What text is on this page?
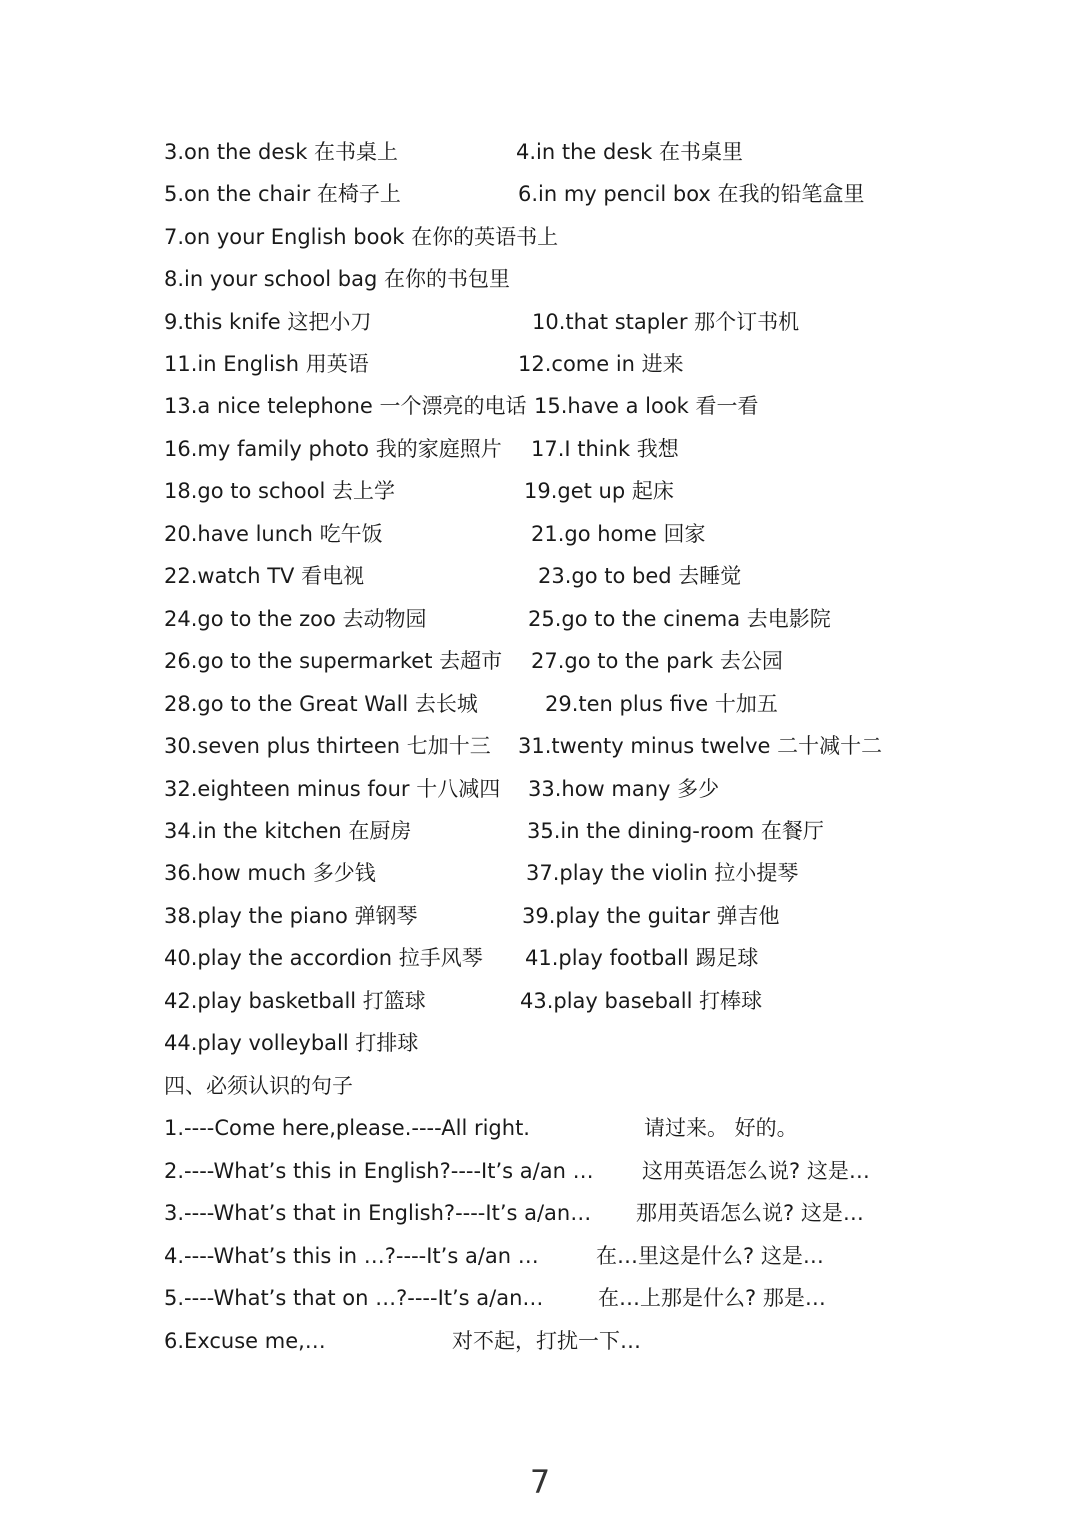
3.on the desk 在书桌上	4.in the desk 在书桌里
5.on the chair 在椅子上	6.in my pencil box 在我的铅笔盒里
7.on your English book 在你的英语书上
8.in your school bag 在你的书包里
9.this knife 这把小刀	10.that stapler 那个订书机
11.in English 用英语	12.come in 进来
13.a nice telephone 一个漂亮的电话 15.have a look 看一看
16.my family photo 我的家庭照片 17.I think 我想
18.go to school 去上学	19.get up 起床
20.have lunch 吃午饭	21.go home 回家
22.watch TV 看电视	23.go to bed 去睡觉
24.go to the zoo 去动物园	25.go to the cinema 去电影院
26.go to the supermarket 去超市 27.go to the park 去公园
28.go to the Great Wall 去长城	29.ten plus five 十加五
30.seven plus thirteen 七加十三 31.twenty minus twelve 二十减十二
32.eighteen minus four 十八减四 33.how many 多少
34.in the kitchen 在厨房	35.in the dining-room 在餐厅
36.how much 多少钱	37.play the violin 拉小提琴
38.play the piano 弹钢琴	39.play the guitar 弹吉他
40.play the accordion 拉手风琴 41.play football 踢足球
42.play basketball 打篮球	43.play baseball 打棒球
44.play volleyball 打排球
四、必须认识的句子
1.----Come here,please.----All right.	请过来。 好的。
2.----What’s this in English?----It’s a/an … 这用英语怎么说? 这是…
3.----What’s that in English?----It’s a/an… 那用英语怎么说? 这是…
4.----What’s this in …?----It’s a/an …	在…里这是什么? 这是…
5.----What’s that on …?----It’s a/an…	在…上那是什么? 那是…
6.Excuse me,…	对不起，打扰一下…
7
